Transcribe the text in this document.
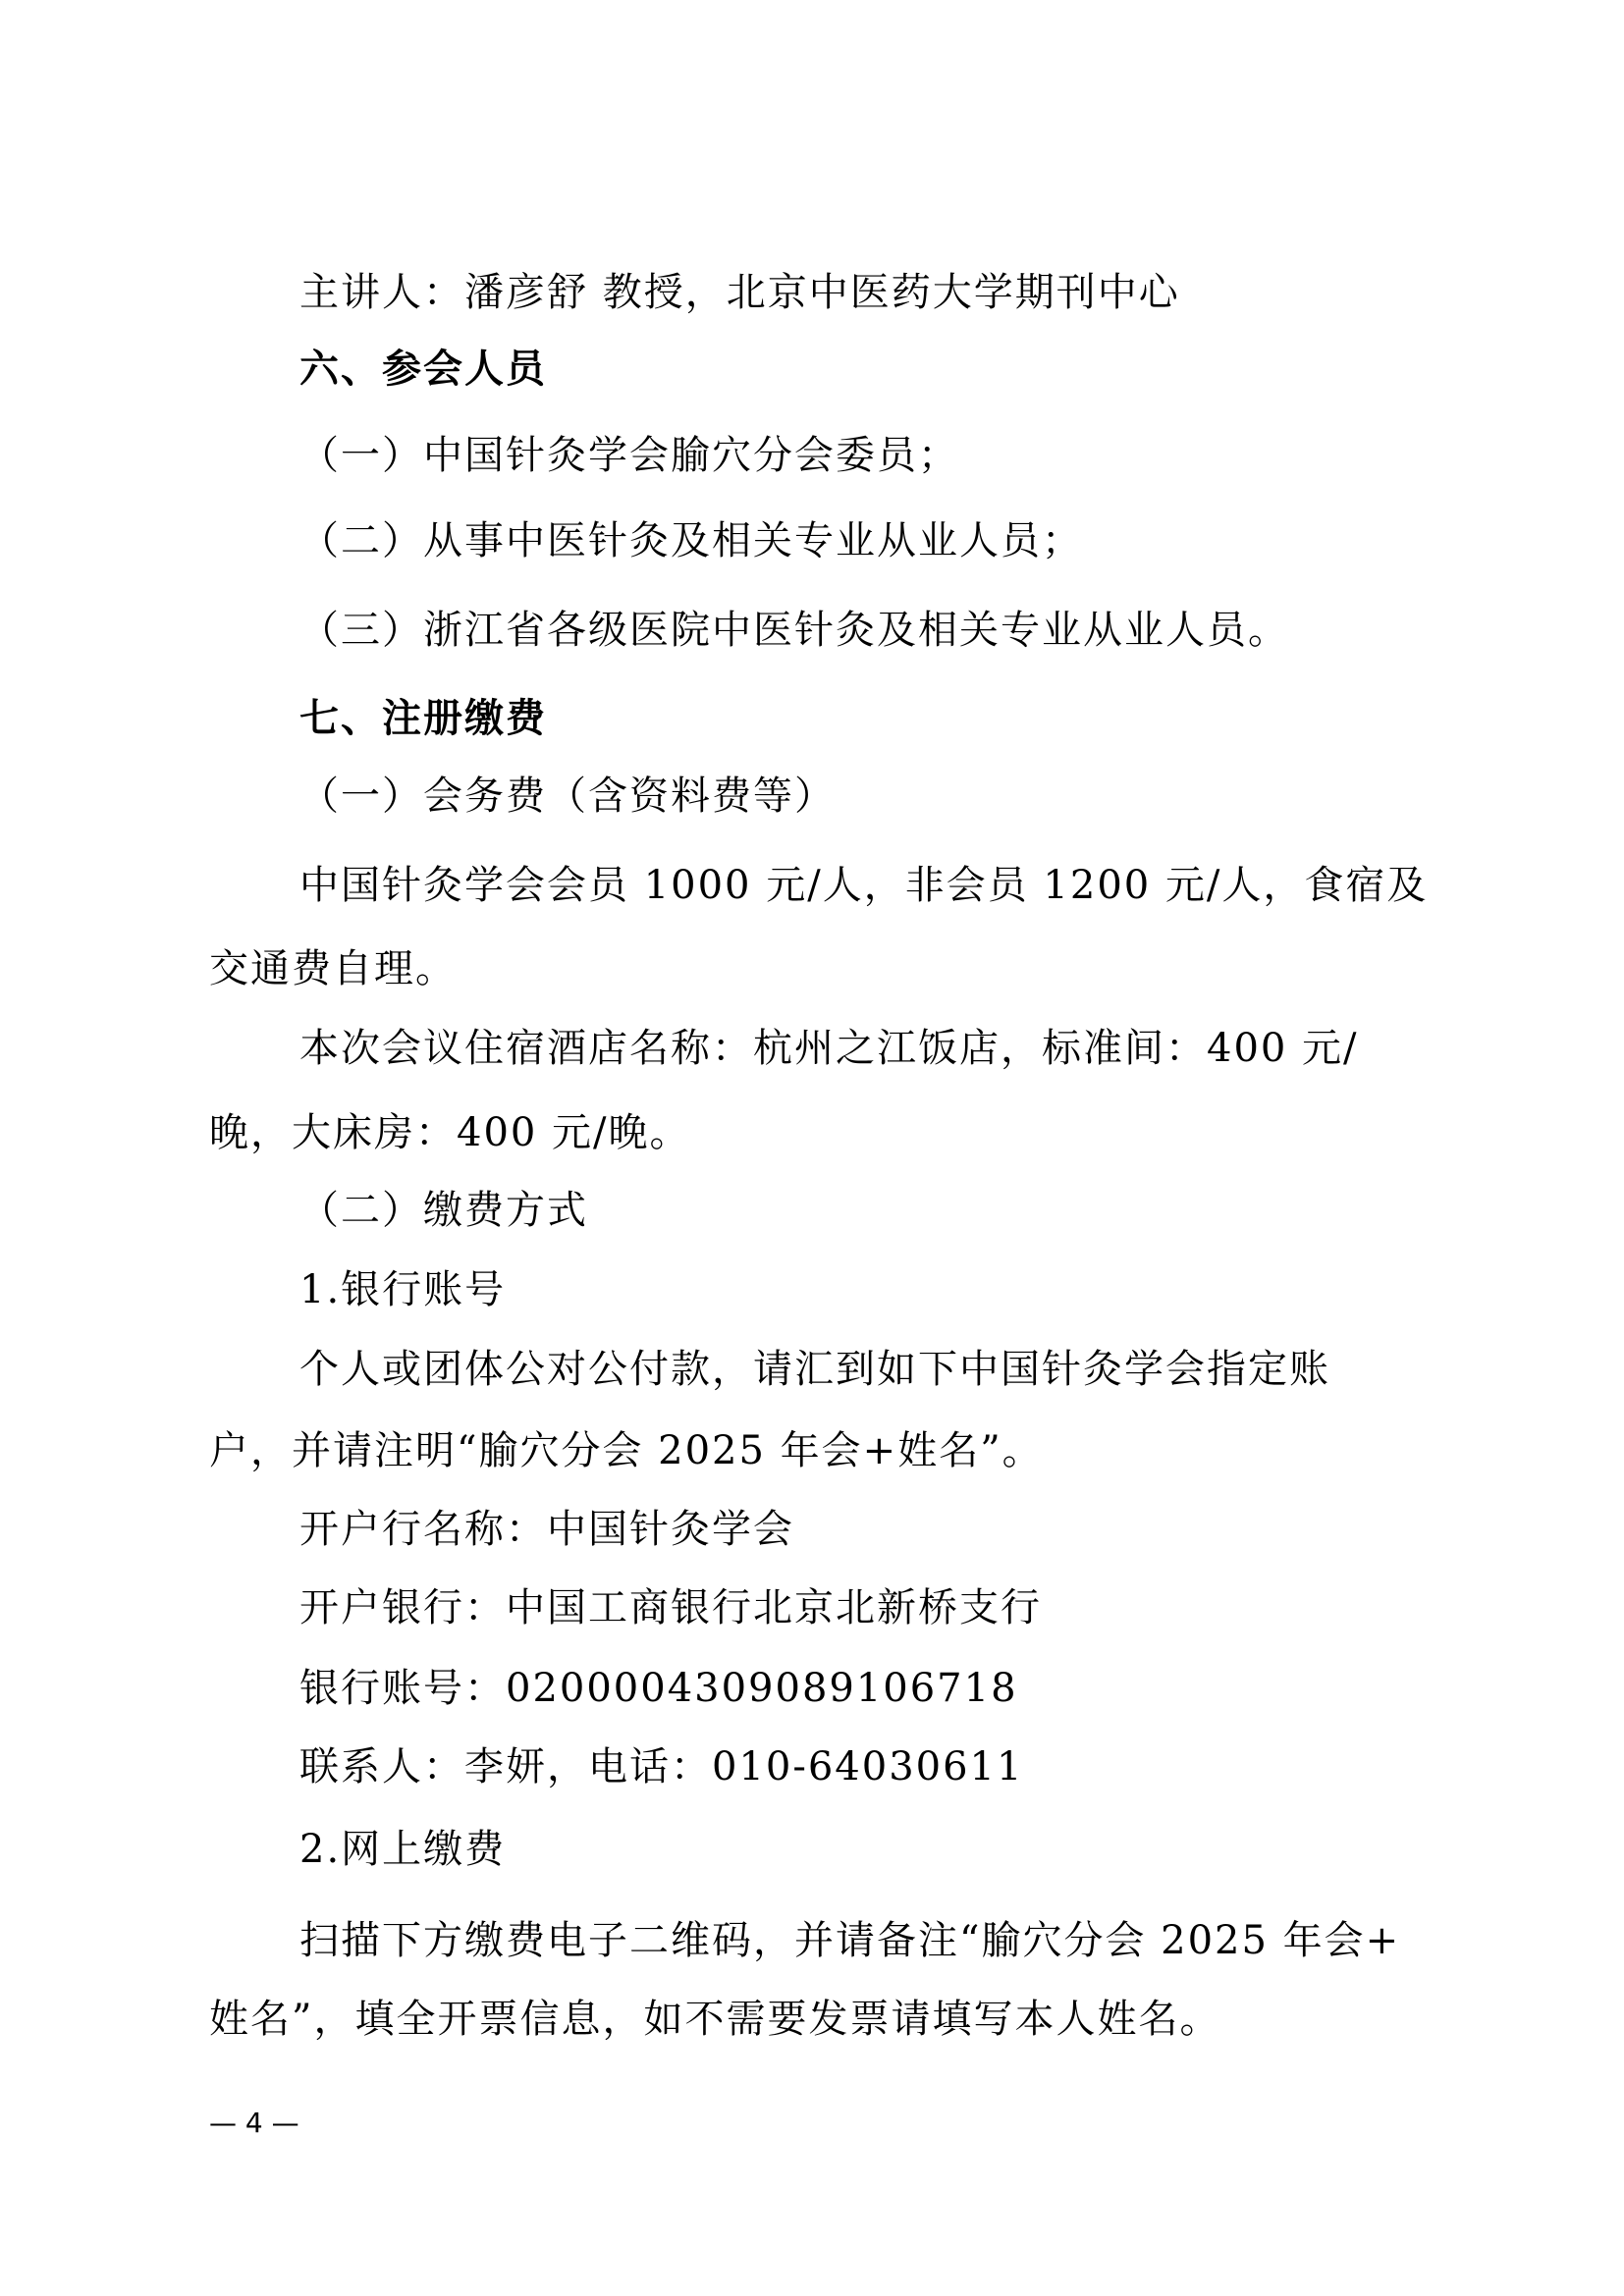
主讲人：潘彦舒 教授，北京中医药大学期刊中心
六、参会人员
（一）中国针灸学会腧穴分会委员；
（二）从事中医针灸及相关专业从业人员；
（三）浙江省各级医院中医针灸及相关专业从业人员。
七、注册缴费
（一）会务费（含资料费等）
中国针灸学会会员 1000 元/人，非会员 1200 元/人，食宿及
交通费自理。
本次会议住宿酒店名称：杭州之江饭店，标准间：400 元/
晚，大床房：400 元/晚。
（二）缴费方式
1.银行账号
个人或团体公对公付款，请汇到如下中国针灸学会指定账
户，并请注明“腧穴分会 2025 年会+姓名”。
开户行名称：中国针灸学会
开户银行：中国工商银行北京北新桥支行
银行账号：0200004309089106718
联系人：李妍，电话：010-64030611
2.网上缴费
扫描下方缴费电子二维码，并请备注“腧穴分会 2025 年会+
姓名”，填全开票信息，如不需要发票请填写本人姓名。
— 4 —
